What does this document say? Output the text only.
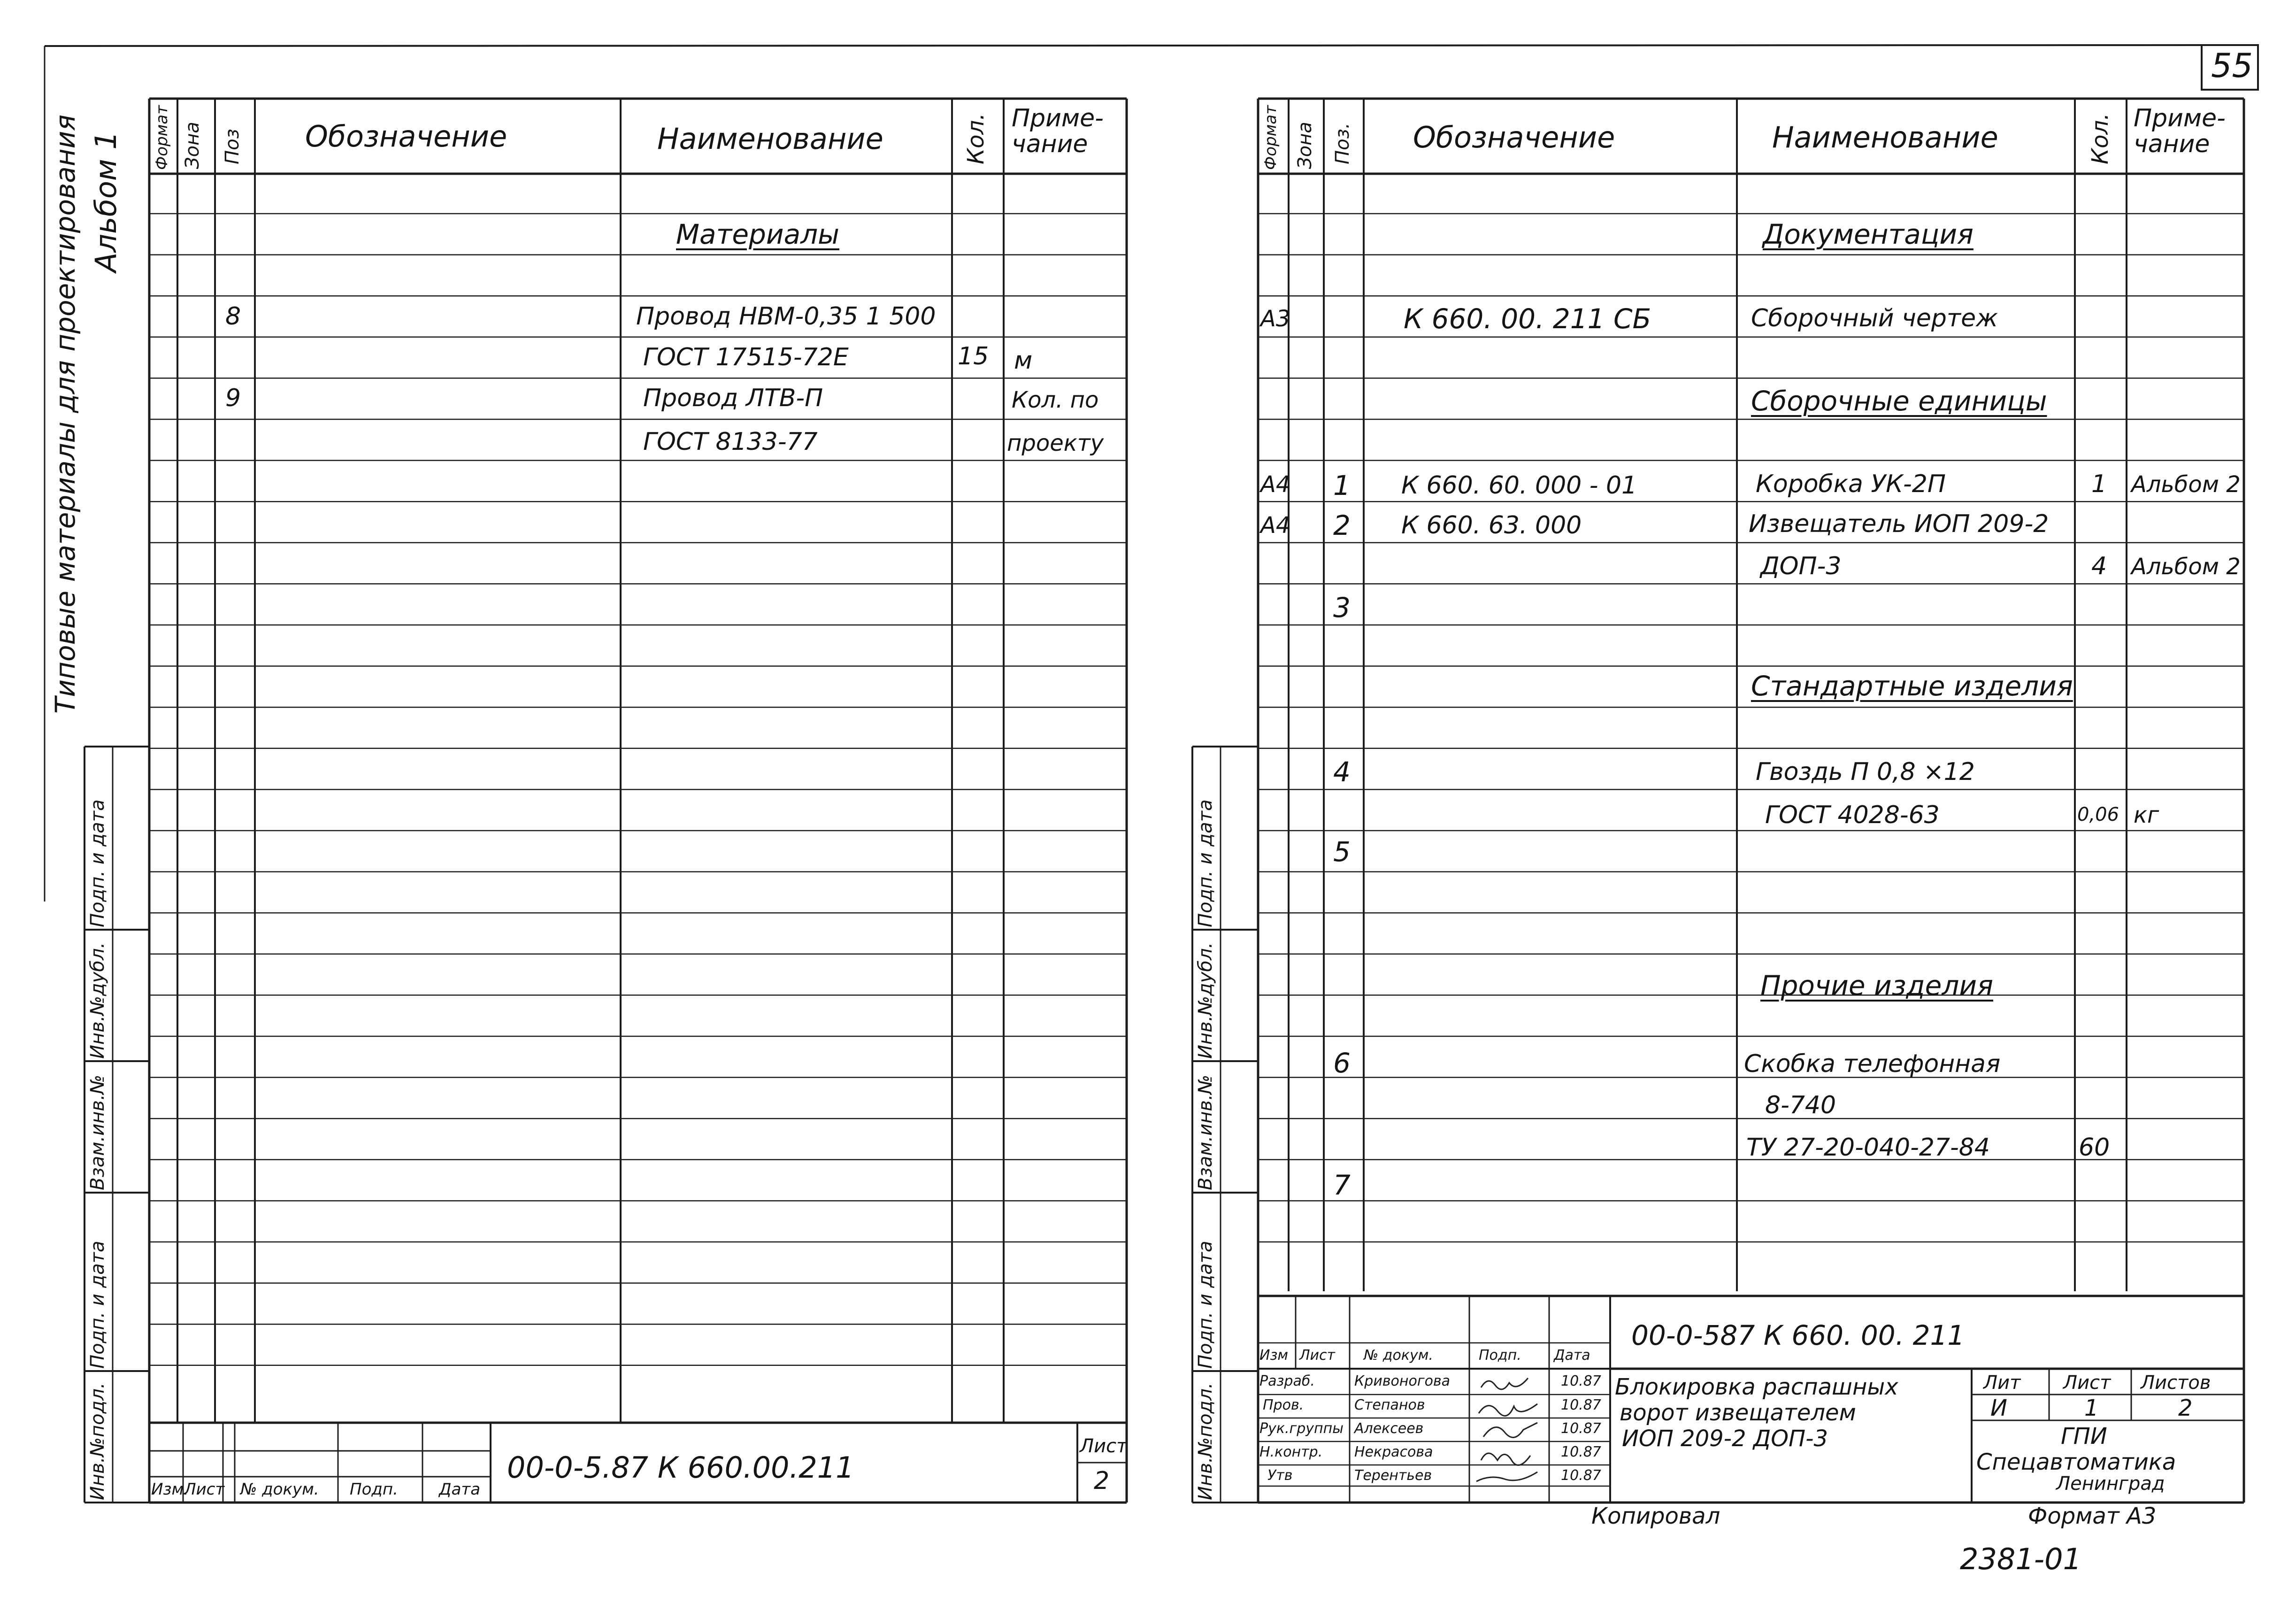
55
Альбом 1
Типовые материалы для проектирования
Подп. и дата
Инв.№дубл.
Взам.инв.№
Подп. и дата
Инв.№подл.
Подп. и дата
Инв.№дубл.
Взам.инв.№
Подп. и дата
Инв.№подл.
Формат Зона Поз Обозначение	Наименование	Кол. Приме- чание
Материалы
8	Провод НВМ-0,35 1 500
ГОСТ 17515-72Е	15 м
9	Провод ЛТВ-П	Кол. по
ГОСТ 8133-77	проекту
Изм.
Лист № докум. Подп.	Дата
00-0-5.87 К 660.00.211
Лист
2
Формат Зона Поз. Обозначение	Наименование	Кол. Приме- чание
Документация
А3	К 660. 00. 211 СБ	Сборочный чертеж
Сборочные единицы
А4 1 К 660. 60. 000 - 01	Коробка УК-2П	1 Альбом 2
А4 2 К 660. 63. 000	Извещатель ИОП 209-2
ДОП-3	4 Альбом 2
3
Стандартные изделия
4	Гвоздь П 0,8 ×12
ГОСТ 4028-63	0,06 кг
5
Прочие изделия
6	Скобка телефонная
8-740
ТУ 27-20-040-27-84	60
7
Изм Лист № докум.	Подп. Дата
Разраб.	Кривоногова	10.87
Пров.	Степанов	10.87
Рук.группы Алексеев	10.87
Н.контр. Некрасова	10.87
Утв	Терентьев	10.87
00-0-587 К 660. 00. 211
Блокировка распашных
ворот извещателем
ИОП 209-2 ДОП-3
Лит Лист Листов
И	1	2
ГПИ
Спецавтоматика
Ленинград
Копировал	Формат А3
2381-01
